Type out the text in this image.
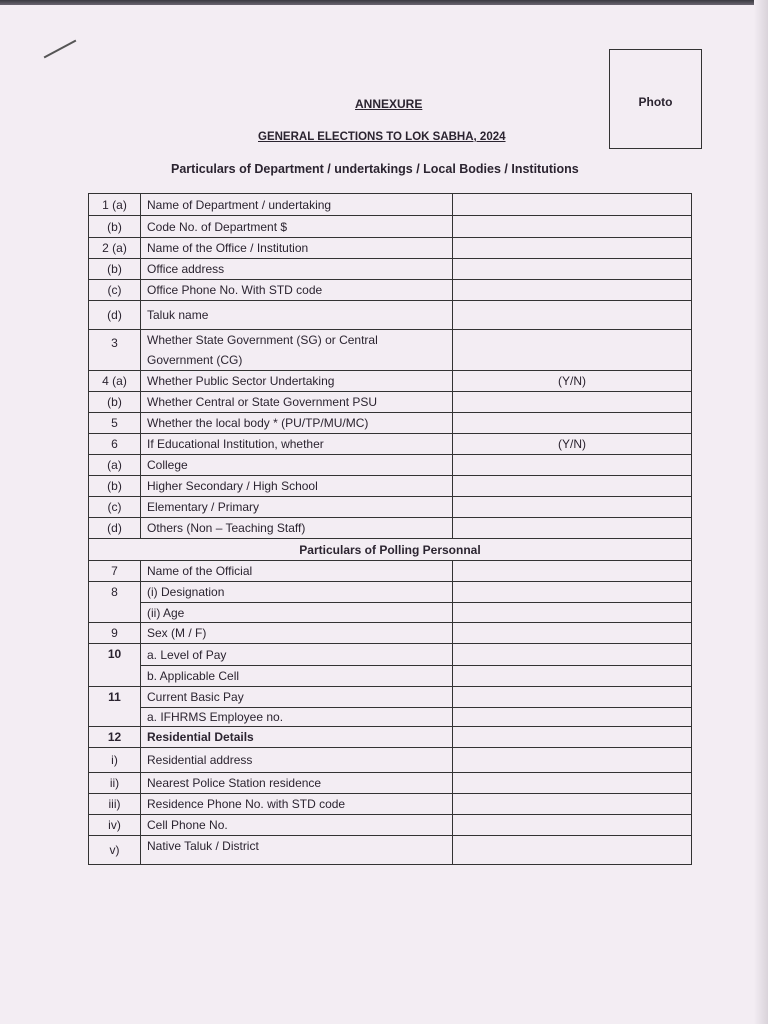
Photo
ANNEXURE
GENERAL ELECTIONS TO LOK SABHA, 2024
Particulars of Department / undertakings / Local Bodies / Institutions
1 (a)	Name of Department / undertaking	
(b)	Code No. of Department $	
2 (a)	Name of the Office / Institution	
(b)	Office address	
(c)	Office Phone No. With STD code	
(d)	Taluk name	
3	Whether State Government (SG) or Central
Government (CG)	

4 (a)	Whether Public Sector Undertaking	(Y/N)
(b)	Whether Central or State Government PSU	
5	Whether the local body * (PU/TP/MU/MC)	
6	If Educational Institution, whether	(Y/N)
(a)	College	
(b)	Higher Secondary / High School	
(c)	Elementary / Primary	
(d)	Others (Non – Teaching Staff)	
Particulars of Polling Personnal		
7	Name of the Official	
8	(i) Designation	
	(ii) Age	
9	Sex (M / F)	
10	a. Level of Pay	
	b. Applicable Cell	
11	Current Basic Pay	
	a. IFHRMS Employee no.	
12	Residential Details	
i)	Residential address	
ii)	Nearest Police Station residence	
iii)	Residence Phone No. with STD code	
iv)	Cell Phone No.	
v)	Native Taluk / District	
